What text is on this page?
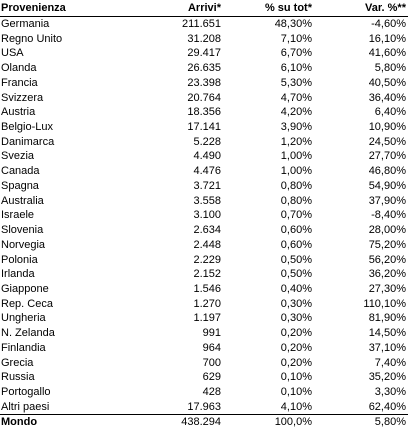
Provenienza	Arrivi*	% su tot*	Var. %**
Germania	211.651	48,30%	-4,60%
Regno Unito	31.208	7,10%	16,10%
USA	29.417	6,70%	41,60%
Olanda	26.635	6,10%	5,80%
Francia	23.398	5,30%	40,50%
Svizzera	20.764	4,70%	36,40%
Austria	18.356	4,20%	6,40%
Belgio-Lux	17.141	3,90%	10,90%
Danimarca	5.228	1,20%	24,50%
Svezia	4.490	1,00%	27,70%
Canada	4.476	1,00%	46,80%
Spagna	3.721	0,80%	54,90%
Australia	3.558	0,80%	37,90%
Israele	3.100	0,70%	-8,40%
Slovenia	2.634	0,60%	28,00%
Norvegia	2.448	0,60%	75,20%
Polonia	2.229	0,50%	56,20%
Irlanda	2.152	0,50%	36,20%
Giappone	1.546	0,40%	27,30%
Rep. Ceca	1.270	0,30%	110,10%
Ungheria	1.197	0,30%	81,90%
N. Zelanda	991	0,20%	14,50%
Finlandia	964	0,20%	37,10%
Grecia	700	0,20%	7,40%
Russia	629	0,10%	35,20%
Portogallo	428	0,10%	3,30%
Altri paesi	17.963	4,10%	62,40%
Mondo	438.294	100,0%	5,80%
